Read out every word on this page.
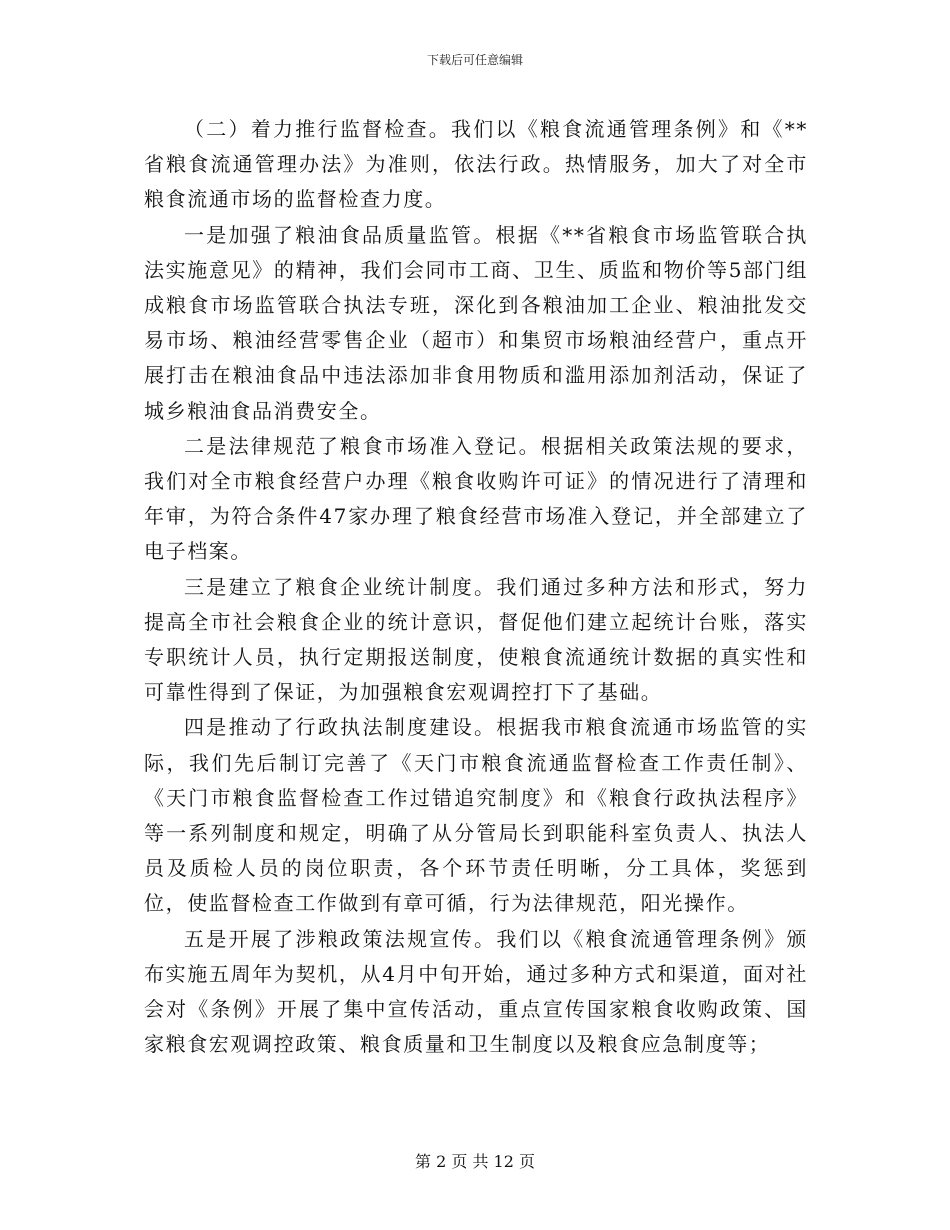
下载后可任意编辑

（二）着力推行监督检查。我们以《粮食流通管理条例》和《**省粮食流通管理办法》为准则，依法行政。热情服务，加大了对全市粮食流通市场的监督检查力度。

一是加强了粮油食品质量监管。根据《**省粮食市场监管联合执法实施意见》的精神，我们会同市工商、卫生、质监和物价等5部门组成粮食市场监管联合执法专班，深化到各粮油加工企业、粮油批发交易市场、粮油经营零售企业（超市）和集贸市场粮油经营户，重点开展打击在粮油食品中违法添加非食用物质和滥用添加剂活动，保证了城乡粮油食品消费安全。

二是法律规范了粮食市场准入登记。根据相关政策法规的要求，我们对全市粮食经营户办理《粮食收购许可证》的情况进行了清理和年审，为符合条件47家办理了粮食经营市场准入登记，并全部建立了电子档案。

三是建立了粮食企业统计制度。我们通过多种方法和形式，努力提高全市社会粮食企业的统计意识，督促他们建立起统计台账，落实专职统计人员，执行定期报送制度，使粮食流通统计数据的真实性和可靠性得到了保证，为加强粮食宏观调控打下了基础。

四是推动了行政执法制度建设。根据我市粮食流通市场监管的实际，我们先后制订完善了《天门市粮食流通监督检查工作责任制》、《天门市粮食监督检查工作过错追究制度》和《粮食行政执法程序》等一系列制度和规定，明确了从分管局长到职能科室负责人、执法人员及质检人员的岗位职责，各个环节责任明晰，分工具体，奖惩到位，使监督检查工作做到有章可循，行为法律规范，阳光操作。

五是开展了涉粮政策法规宣传。我们以《粮食流通管理条例》颁布实施五周年为契机，从4月中旬开始，通过多种方式和渠道，面对社会对《条例》开展了集中宣传活动，重点宣传国家粮食收购政策、国家粮食宏观调控政策、粮食质量和卫生制度以及粮食应急制度等；

第 2 页 共 12 页
